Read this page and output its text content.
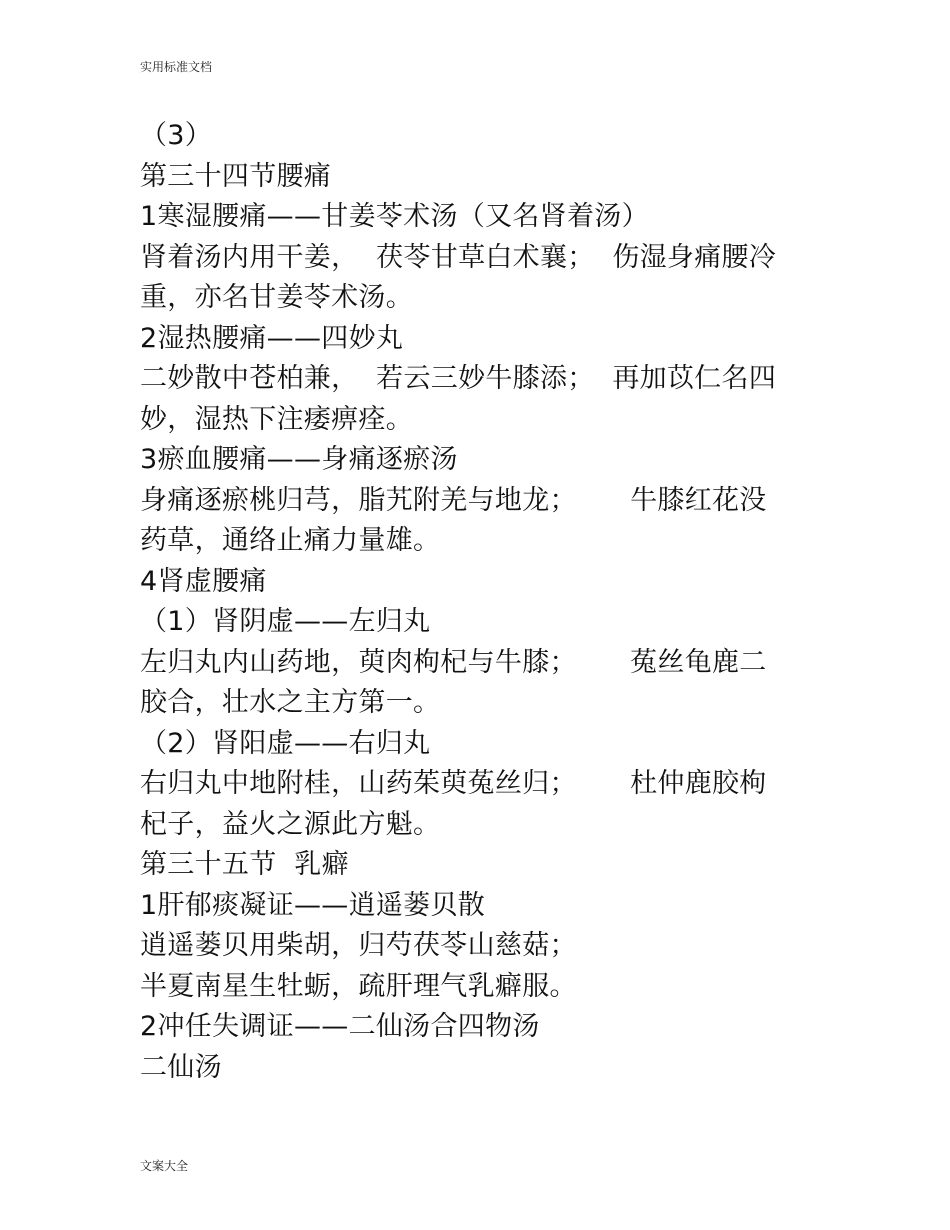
实用标准文档
（3）
第三十四节腰痛
1寒湿腰痛——甘姜苓术汤（又名肾着汤）
肾着汤内用干姜，  茯苓甘草白术襄；  伤湿身痛腰冷
重，亦名甘姜苓术汤。
2湿热腰痛——四妙丸
二妙散中苍柏兼，  若云三妙牛膝添；  再加苡仁名四
妙，湿热下注痿痹痊。
3瘀血腰痛——身痛逐瘀汤
身痛逐瘀桃归芎，脂艽附羌与地龙；      牛膝红花没
药草，通络止痛力量雄。
4肾虚腰痛
（1）肾阴虚——左归丸
左归丸内山药地，萸肉枸杞与牛膝；      菟丝龟鹿二
胶合，壮水之主方第一。
（2）肾阳虚——右归丸
右归丸中地附桂，山药茱萸菟丝归；      杜仲鹿胶枸
杞子，益火之源此方魁。
第三十五节  乳癖
1肝郁痰凝证——逍遥蒌贝散
逍遥蒌贝用柴胡，归芍茯苓山慈菇；
半夏南星生牡蛎，疏肝理气乳癖服。
2冲任失调证——二仙汤合四物汤
二仙汤
文案大全
